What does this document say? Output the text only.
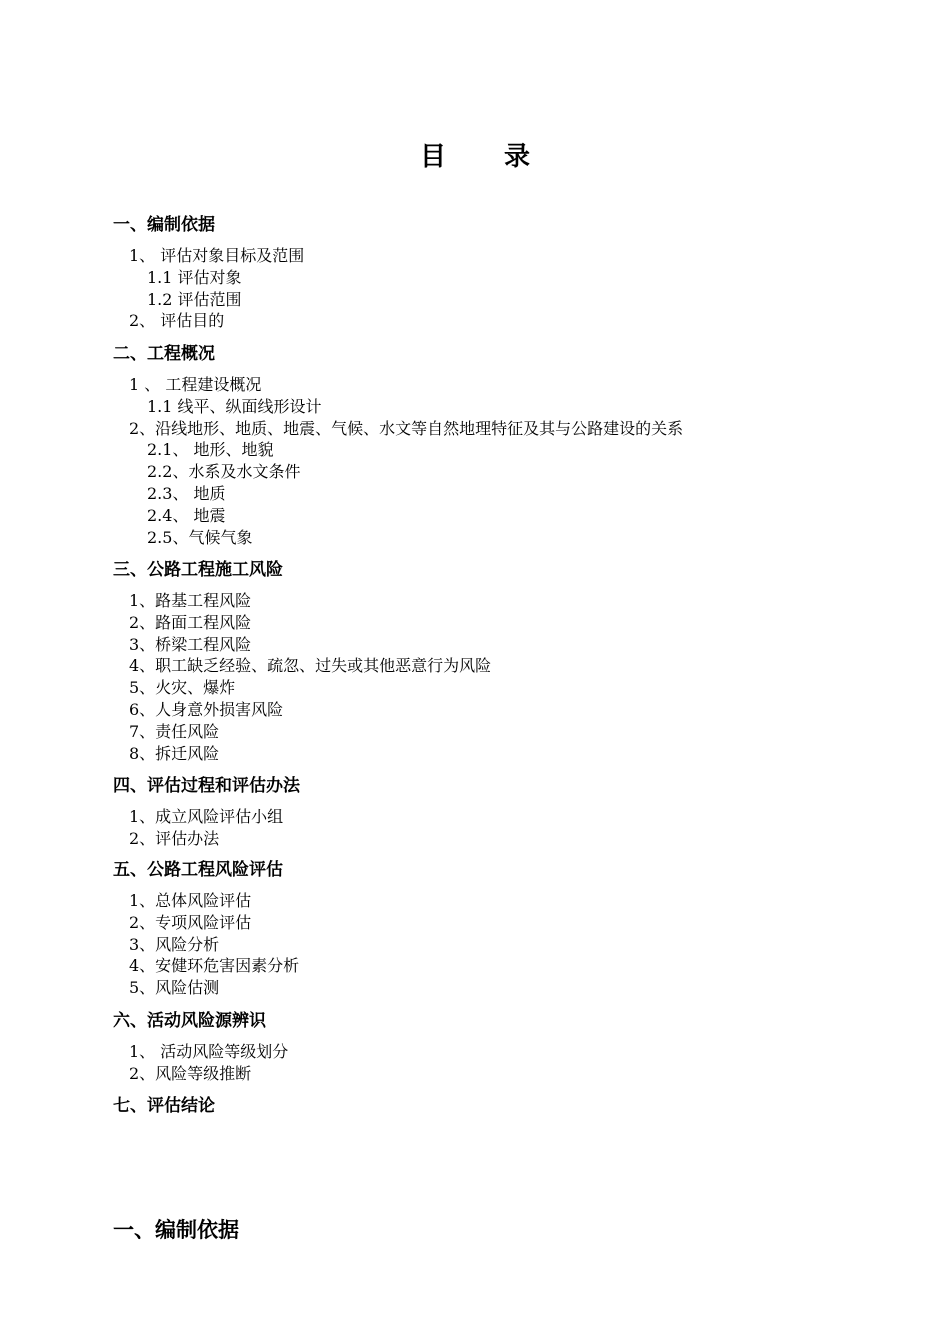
目 录
一、编制依据
1、 评估对象目标及范围
1.1 评估对象
1.2 评估范围
2、 评估目的
二、工程概况
1 、 工程建设概况
1.1 线平、纵面线形设计
2、沿线地形、地质、地震、气候、水文等自然地理特征及其与公路建设的关系
2.1、 地形、地貌
2.2、水系及水文条件
2.3、 地质
2.4、 地震
2.5、气候气象
三、公路工程施工风险
1、路基工程风险
2、路面工程风险
3、桥梁工程风险
4、职工缺乏经验、疏忽、过失或其他恶意行为风险
5、火灾、爆炸
6、人身意外损害风险
7、责任风险
8、拆迁风险
四、评估过程和评估办法
1、成立风险评估小组
2、评估办法
五、公路工程风险评估
1、总体风险评估
2、专项风险评估
3、风险分析
4、安健环危害因素分析
5、风险估测
六、活动风险源辨识
1、 活动风险等级划分
2、风险等级推断
七、评估结论
一、编制依据
